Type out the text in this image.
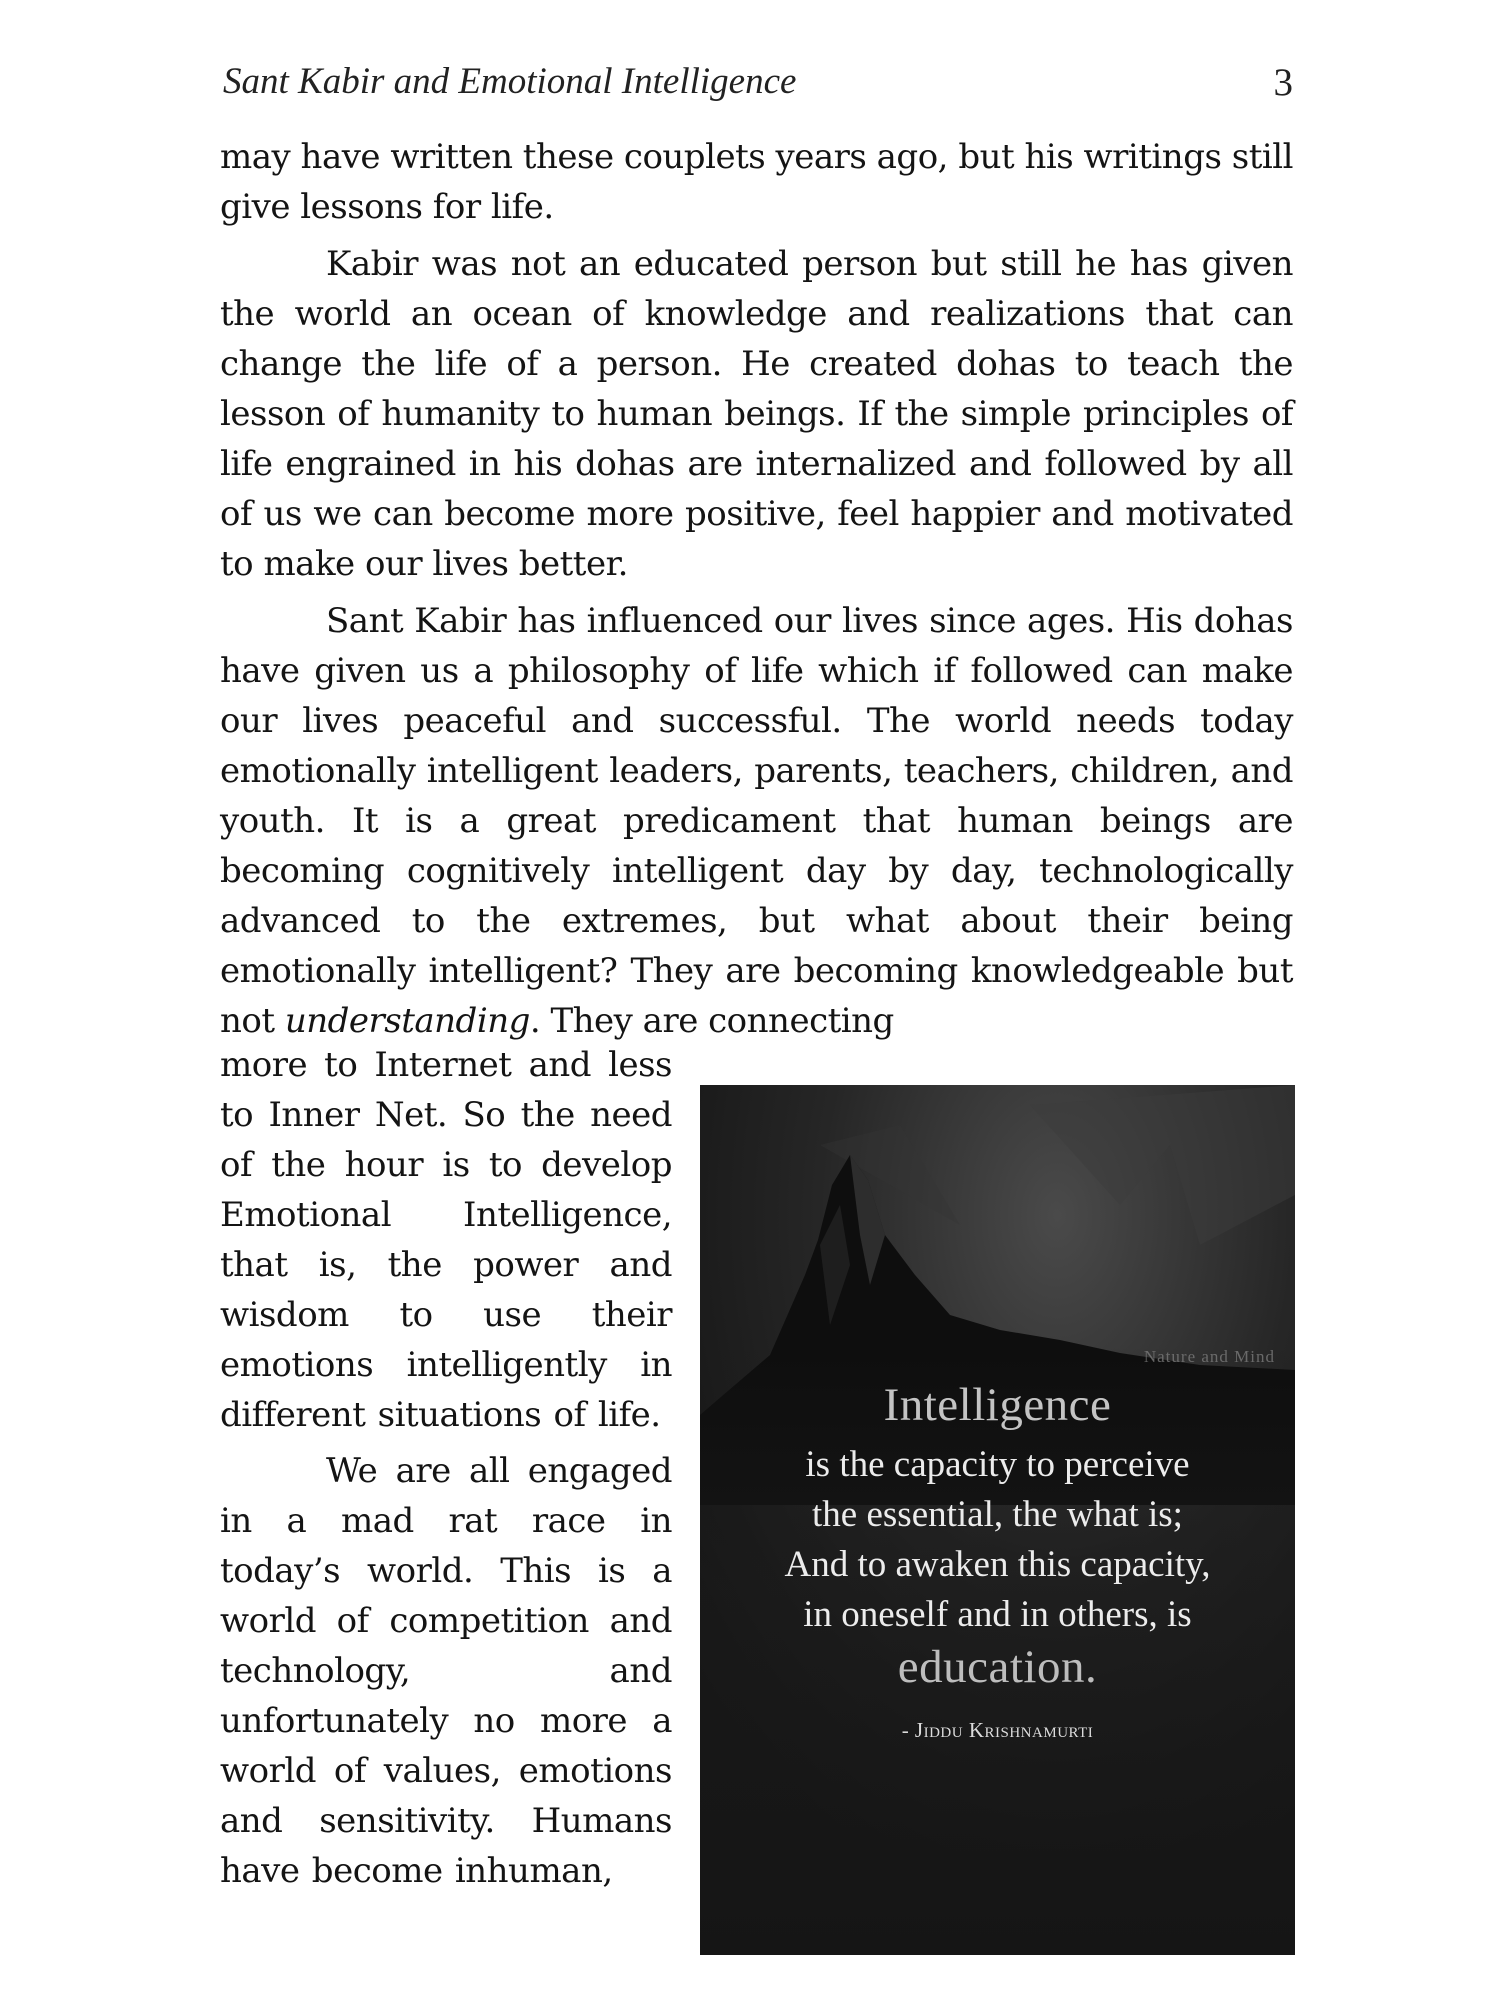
Sant Kabir and Emotional Intelligence	3

may have written these couplets years ago, but his writings still give lessons for life.

Kabir was not an educated person but still he has given the world an ocean of knowledge and realizations that can change the life of a person. He created dohas to teach the lesson of humanity to human beings. If the simple principles of life engrained in his dohas are internalized and followed by all of us we can become more positive, feel happier and motivated to make our lives better.

Sant Kabir has influenced our lives since ages. His dohas have given us a philosophy of life which if followed can make our lives peaceful and successful. The world needs today emotionally intelligent leaders, parents, teachers, children, and youth. It is a great predicament that human beings are becoming cognitively intelligent day by day, technologically advanced to the extremes, but what about their being emotionally intelligent? They are becoming knowledgeable but not understanding. They are connecting

more to Internet and less to Inner Net. So the need of the hour is to develop Emotional Intelligence, that is, the power and wisdom to use their emotions intelligently in different situations of life.

We are all engaged in a mad rat race in today’s world. This is a world of competition and technology, and unfortunately no more a world of values, emotions and sensitivity. Humans have become inhuman,

Nature and Mind
Intelligence
is the capacity to perceive
the essential, the what is;
And to awaken this capacity,
in oneself and in others, is
education.
- Jiddu Krishnamurti
